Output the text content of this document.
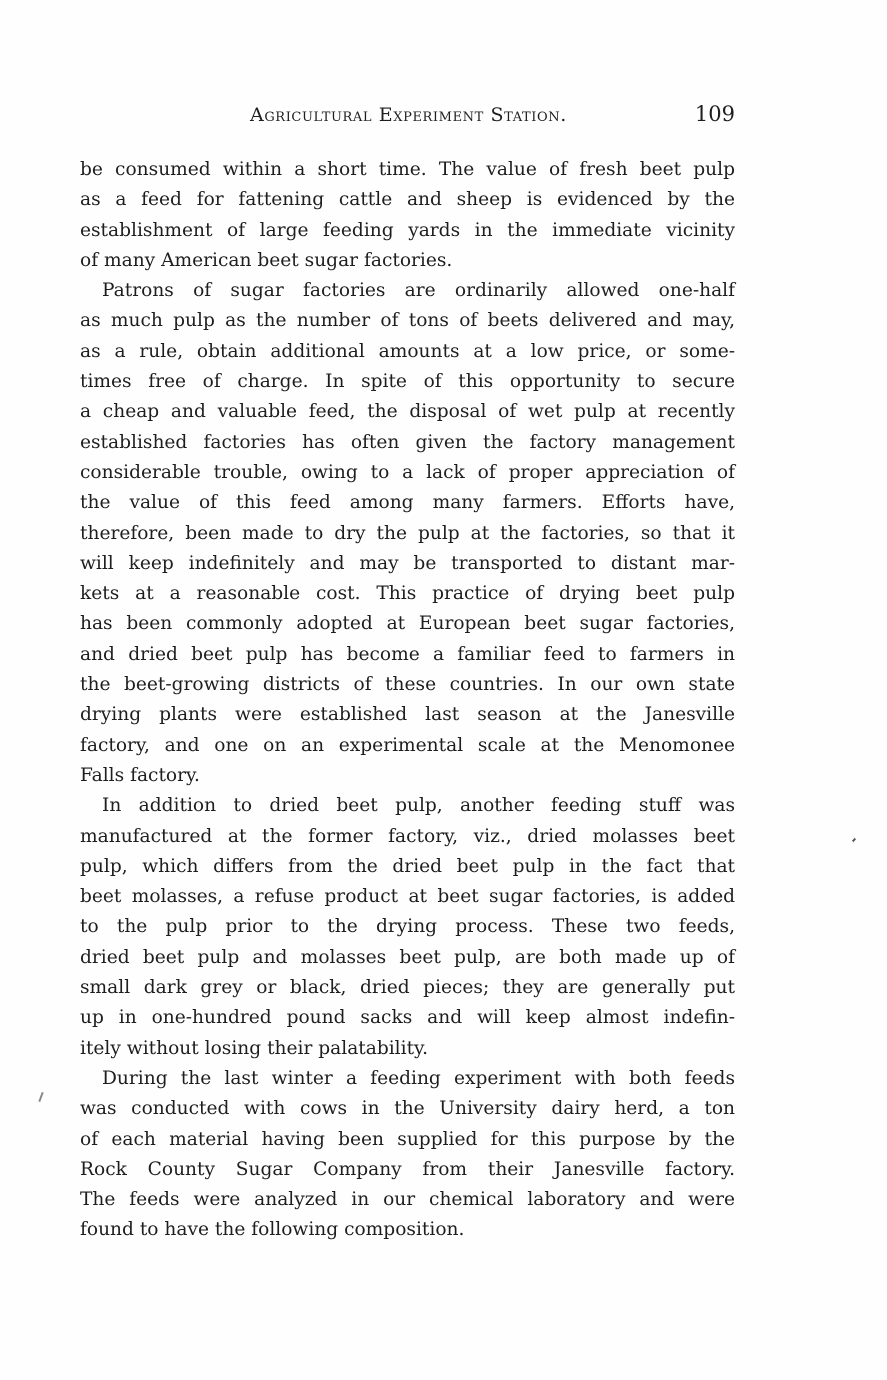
Agricultural Experiment Station.	109
be consumed within a short time. The value of fresh beet pulp
as a feed for fattening cattle and sheep is evidenced by the
establishment of large feeding yards in the immediate vicinity
of many American beet sugar factories.
Patrons of sugar factories are ordinarily allowed one-half
as much pulp as the number of tons of beets delivered and may,
as a rule, obtain additional amounts at a low price, or some-
times free of charge. In spite of this opportunity to secure
a cheap and valuable feed, the disposal of wet pulp at recently
established factories has often given the factory management
considerable trouble, owing to a lack of proper appreciation of
the value of this feed among many farmers. Efforts have,
therefore, been made to dry the pulp at the factories, so that it
will keep indefinitely and may be transported to distant mar-
kets at a reasonable cost. This practice of drying beet pulp
has been commonly adopted at European beet sugar factories,
and dried beet pulp has become a familiar feed to farmers in
the beet-growing districts of these countries. In our own state
drying plants were established last season at the Janesville
factory, and one on an experimental scale at the Menomonee
Falls factory.
In addition to dried beet pulp, another feeding stuff was
manufactured at the former factory, viz., dried molasses beet
pulp, which differs from the dried beet pulp in the fact that
beet molasses, a refuse product at beet sugar factories, is added
to the pulp prior to the drying process. These two feeds,
dried beet pulp and molasses beet pulp, are both made up of
small dark grey or black, dried pieces; they are generally put
up in one-hundred pound sacks and will keep almost indefin-
itely without losing their palatability.
During the last winter a feeding experiment with both feeds
was conducted with cows in the University dairy herd, a ton
of each material having been supplied for this purpose by the
Rock County Sugar Company from their Janesville factory.
The feeds were analyzed in our chemical laboratory and were
found to have the following composition.
